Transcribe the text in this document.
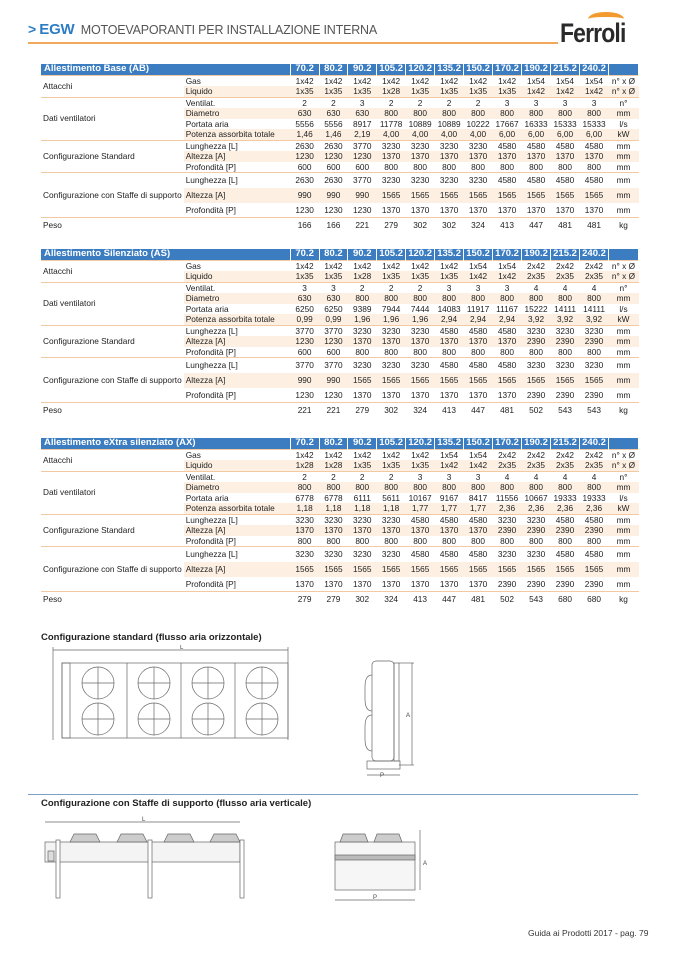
> EGW MOTOEVAPORANTI PER INSTALLAZIONE INTERNA	Ferroli
Allestimento Base (AB)		70.2	80.2	90.2	105.2	120.2	135.2	150.2	170.2	190.2	215.2	240.2	
Attacchi	Gas	1x42	1x42	1x42	1x42	1x42	1x42	1x42	1x42	1x54	1x54	1x54	n° x Ø
	Liquido	1x35	1x35	1x35	1x28	1x35	1x35	1x35	1x35	1x42	1x42	1x42	n° x Ø
Dati ventilatori	Ventilat.	2	2	3	2	2	2	2	3	3	3	3	n°
	Diametro	630	630	630	800	800	800	800	800	800	800	800	mm
	Portata aria	5556	5556	8917	11778	10889	10889	10222	17667	16333	15333	15333	l/s
	Potenza assorbita totale	1,46	1,46	2,19	4,00	4,00	4,00	4,00	6,00	6,00	6,00	6,00	kW
Configurazione Standard	Lunghezza [L]	2630	2630	3770	3230	3230	3230	3230	4580	4580	4580	4580	mm
	Altezza [A]	1230	1230	1230	1370	1370	1370	1370	1370	1370	1370	1370	mm
	Profondità [P]	600	600	600	800	800	800	800	800	800	800	800	mm
Configurazione con Staffe di supporto	Lunghezza [L]	2630	2630	3770	3230	3230	3230	3230	4580	4580	4580	4580	mm
	Altezza [A]	990	990	990	1565	1565	1565	1565	1565	1565	1565	1565	mm
	Profondità [P]	1230	1230	1230	1370	1370	1370	1370	1370	1370	1370	1370	mm
Peso		166	166	221	279	302	302	324	413	447	481	481	kg
Allestimento Silenziato (AS)		70.2	80.2	90.2	105.2	120.2	135.2	150.2	170.2	190.2	215.2	240.2	
Attacchi	Gas	1x42	1x42	1x42	1x42	1x42	1x42	1x54	1x54	2x42	2x42	2x42	n° x Ø
	Liquido	1x35	1x35	1x28	1x35	1x35	1x35	1x42	1x42	2x35	2x35	2x35	n° x Ø
Dati ventilatori	Ventilat.	3	3	2	2	2	3	3	3	4	4	4	n°
	Diametro	630	630	800	800	800	800	800	800	800	800	800	mm
	Portata aria	6250	6250	9389	7944	7444	14083	11917	11167	15222	14111	14111	l/s
	Potenza assorbita totale	0,99	0,99	1,96	1,96	1,96	2,94	2,94	2,94	3,92	3,92	3,92	kW
Configurazione Standard	Lunghezza [L]	3770	3770	3230	3230	3230	4580	4580	4580	3230	3230	3230	mm
	Altezza [A]	1230	1230	1370	1370	1370	1370	1370	1370	2390	2390	2390	mm
	Profondità [P]	600	600	800	800	800	800	800	800	800	800	800	mm
Configurazione con Staffe di supporto	Lunghezza [L]	3770	3770	3230	3230	3230	4580	4580	4580	3230	3230	3230	mm
	Altezza [A]	990	990	1565	1565	1565	1565	1565	1565	1565	1565	1565	mm
	Profondità [P]	1230	1230	1370	1370	1370	1370	1370	1370	2390	2390	2390	mm
Peso		221	221	279	302	324	413	447	481	502	543	543	kg
Allestimento eXtra silenziato (AX)		70.2	80.2	90.2	105.2	120.2	135.2	150.2	170.2	190.2	215.2	240.2	
Attacchi	Gas	1x42	1x42	1x42	1x42	1x42	1x54	1x54	2x42	2x42	2x42	2x42	n° x Ø
	Liquido	1x28	1x28	1x35	1x35	1x35	1x42	1x42	2x35	2x35	2x35	2x35	n° x Ø
Dati ventilatori	Ventilat.	2	2	2	2	3	3	3	4	4	4	4	n°
	Diametro	800	800	800	800	800	800	800	800	800	800	800	mm
	Portata aria	6778	6778	6111	5611	10167	9167	8417	11556	10667	19333	19333	l/s
	Potenza assorbita totale	1,18	1,18	1,18	1,18	1,77	1,77	1,77	2,36	2,36	2,36	2,36	kW
Configurazione Standard	Lunghezza [L]	3230	3230	3230	3230	4580	4580	4580	3230	3230	4580	4580	mm
	Altezza [A]	1370	1370	1370	1370	1370	1370	1370	2390	2390	2390	2390	mm
	Profondità [P]	800	800	800	800	800	800	800	800	800	800	800	mm
Configurazione con Staffe di supporto	Lunghezza [L]	3230	3230	3230	3230	4580	4580	4580	3230	3230	4580	4580	mm
	Altezza [A]	1565	1565	1565	1565	1565	1565	1565	1565	1565	1565	1565	mm
	Profondità [P]	1370	1370	1370	1370	1370	1370	1370	2390	2390	2390	2390	mm
Peso		279	279	302	324	413	447	481	502	543	680	680	kg
Configurazione standard (flusso aria orizzontale)
L
A
P
Configurazione con Staffe di supporto (flusso aria verticale)
L
A
P
Guida ai Prodotti 2017 - pag. 79
